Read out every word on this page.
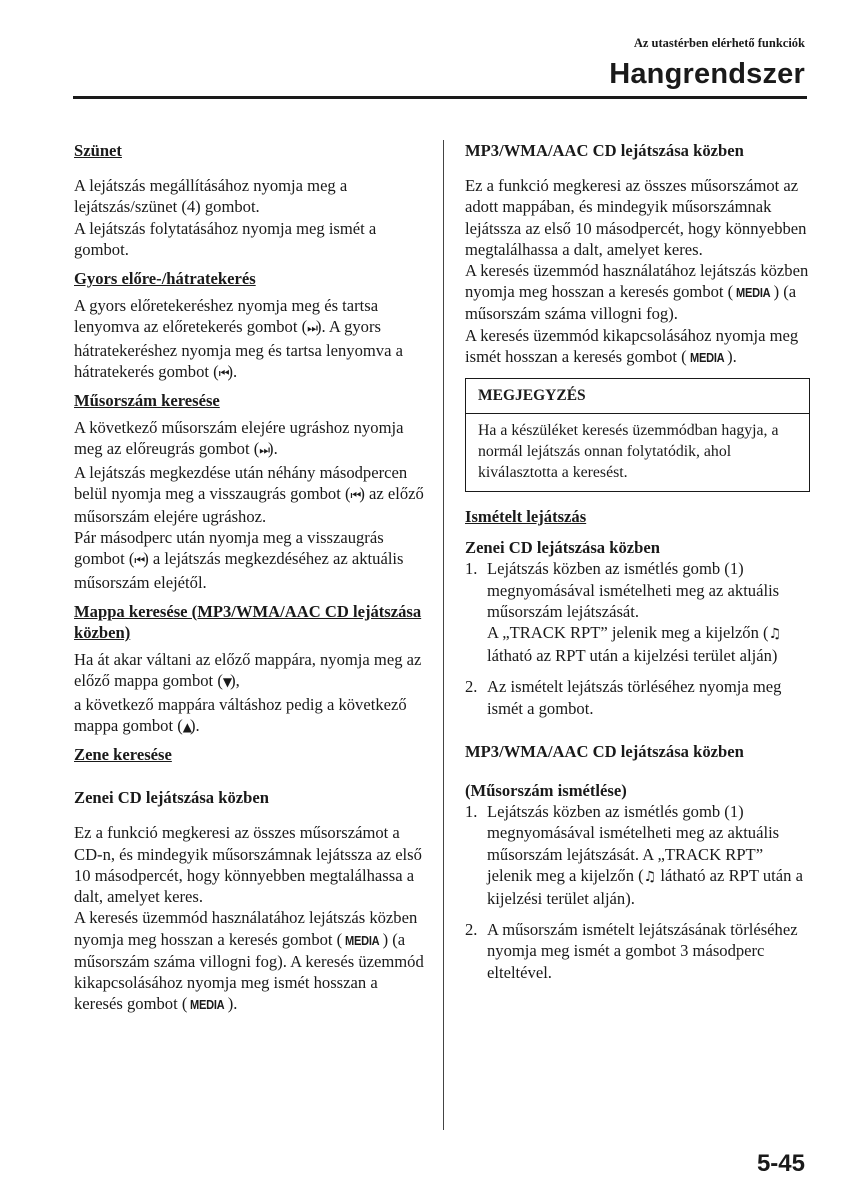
Az utastérben elérhető funkciók
Hangrendszer

Szünet

A lejátszás megállításához nyomja meg a lejátszás/szünet (4) gombot.
A lejátszás folytatásához nyomja meg ismét a gombot.

Gyors előre-/hátratekerés

A gyors előretekeréshez nyomja meg és tartsa lenyomva az előretekerés gombot (⏭). A gyors hátratekeréshez nyomja meg és tartsa lenyomva a hátratekerés gombot (⏮).

Műsorszám keresése

A következő műsorszám elejére ugráshoz nyomja meg az előreugrás gombot (⏭).
A lejátszás megkezdése után néhány másodpercen belül nyomja meg a visszaugrás gombot (⏮) az előző műsorszám elejére ugráshoz.
Pár másodperc után nyomja meg a visszaugrás gombot (⏮) a lejátszás megkezdéséhez az aktuális műsorszám elejétől.

Mappa keresése (MP3/WMA/AAC CD lejátszása közben)

Ha át akar váltani az előző mappára, nyomja meg az előző mappa gombot (▼),
a következő mappára váltáshoz pedig a következő mappa gombot (▲).

Zene keresése

Zenei CD lejátszása közben

Ez a funkció megkeresi az összes műsorszámot a CD-n, és mindegyik műsorszámnak lejátssza az első 10 másodpercét, hogy könnyebben megtalálhassa a dalt, amelyet keres.
A keresés üzemmód használatához lejátszás közben nyomja meg hosszan a keresés gombot ( MEDIA ) (a műsorszám száma villogni fog). A keresés üzemmód kikapcsolásához nyomja meg ismét hosszan a keresés gombot ( MEDIA ).

MP3/WMA/AAC CD lejátszása közben

Ez a funkció megkeresi az összes műsorszámot az adott mappában, és mindegyik műsorszámnak lejátssza az első 10 másodpercét, hogy könnyebben megtalálhassa a dalt, amelyet keres.
A keresés üzemmód használatához lejátszás közben nyomja meg hosszan a keresés gombot ( MEDIA ) (a műsorszám száma villogni fog).
A keresés üzemmód kikapcsolásához nyomja meg ismét hosszan a keresés gombot ( MEDIA ).

MEGJEGYZÉS
Ha a készüléket keresés üzemmódban hagyja, a normál lejátszás onnan folytatódik, ahol kiválasztotta a keresést.

Ismételt lejátszás

Zenei CD lejátszása közben

1. Lejátszás közben az ismétlés gomb (1) megnyomásával ismételheti meg az aktuális műsorszám lejátszását.
A „TRACK RPT” jelenik meg a kijelzőn (♫ látható az RPT után a kijelzési terület alján)
2. Az ismételt lejátszás törléséhez nyomja meg ismét a gombot.

MP3/WMA/AAC CD lejátszása közben

(Műsorszám ismétlése)

1. Lejátszás közben az ismétlés gomb (1) megnyomásával ismételheti meg az aktuális műsorszám lejátszását. A „TRACK RPT” jelenik meg a kijelzőn (♫ látható az RPT után a kijelzési terület alján).
2. A műsorszám ismételt lejátszásának törléséhez nyomja meg ismét a gombot 3 másodperc elteltével.
5-45
